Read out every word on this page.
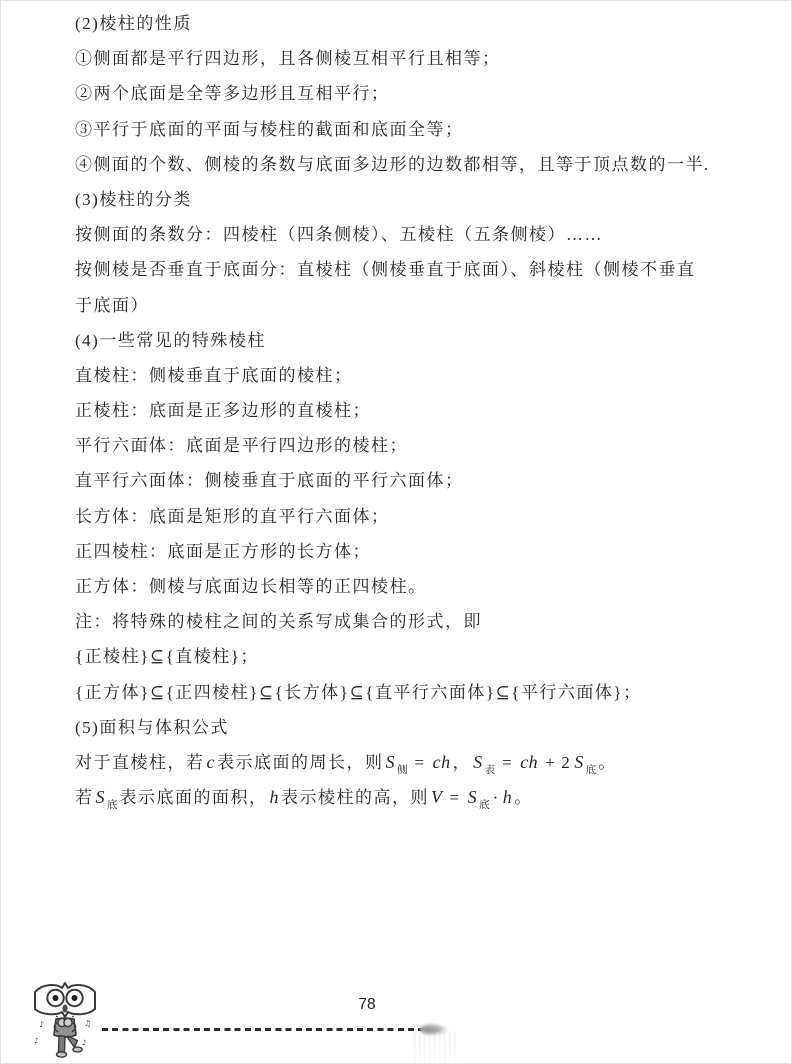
(2)棱柱的性质

①侧面都是平行四边形，且各侧棱互相平行且相等；

②两个底面是全等多边形且互相平行；

③平行于底面的平面与棱柱的截面和底面全等；

④侧面的个数、侧棱的条数与底面多边形的边数都相等，且等于顶点数的一半.

(3)棱柱的分类

按侧面的条数分：四棱柱（四条侧棱）、五棱柱（五条侧棱）……

按侧棱是否垂直于底面分：直棱柱（侧棱垂直于底面）、斜棱柱（侧棱不垂直

于底面）

(4)一些常见的特殊棱柱

直棱柱：侧棱垂直于底面的棱柱；

正棱柱：底面是正多边形的直棱柱；

平行六面体：底面是平行四边形的棱柱；

直平行六面体：侧棱垂直于底面的平行六面体；

长方体：底面是矩形的直平行六面体；

正四棱柱：底面是正方形的长方体；

正方体：侧棱与底面边长相等的正四棱柱。

注：将特殊的棱柱之间的关系写成集合的形式，即

{正棱柱}⊆{直棱柱}；

{正方体}⊆{正四棱柱}⊆{长方体}⊆{直平行六面体}⊆{平行六面体}；

(5)面积与体积公式

对于直棱柱，若 c 表示底面的周长，则 S $_侧$ = ch ， S $_表$ = ch + 2 S $_底$ 。

若 S $_底$ 表示底面的面积， h 表示棱柱的高，则 V = S $_底$ · h 。

♪
♪
♫
♪
78
